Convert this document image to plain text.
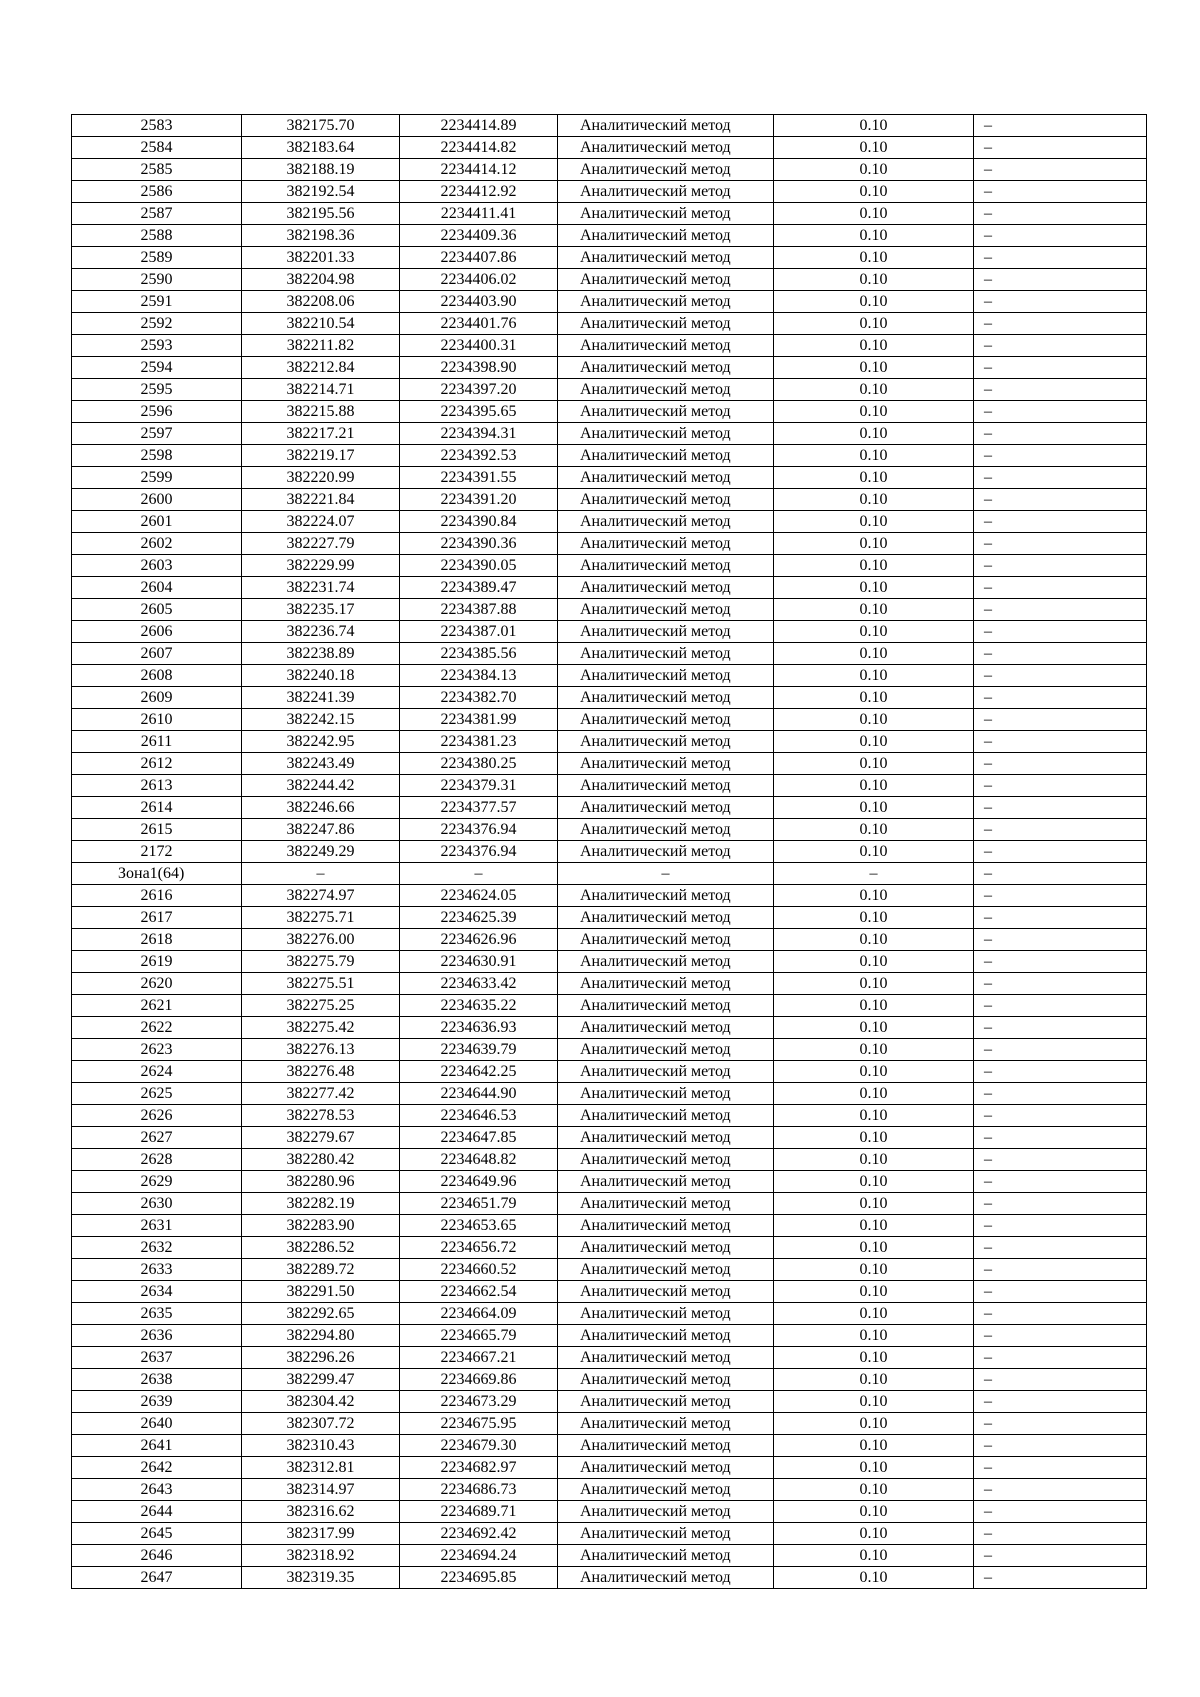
2583	382175.70	2234414.89	Аналитический метод	0.10	–
2584	382183.64	2234414.82	Аналитический метод	0.10	–
2585	382188.19	2234414.12	Аналитический метод	0.10	–
2586	382192.54	2234412.92	Аналитический метод	0.10	–
2587	382195.56	2234411.41	Аналитический метод	0.10	–
2588	382198.36	2234409.36	Аналитический метод	0.10	–
2589	382201.33	2234407.86	Аналитический метод	0.10	–
2590	382204.98	2234406.02	Аналитический метод	0.10	–
2591	382208.06	2234403.90	Аналитический метод	0.10	–
2592	382210.54	2234401.76	Аналитический метод	0.10	–
2593	382211.82	2234400.31	Аналитический метод	0.10	–
2594	382212.84	2234398.90	Аналитический метод	0.10	–
2595	382214.71	2234397.20	Аналитический метод	0.10	–
2596	382215.88	2234395.65	Аналитический метод	0.10	–
2597	382217.21	2234394.31	Аналитический метод	0.10	–
2598	382219.17	2234392.53	Аналитический метод	0.10	–
2599	382220.99	2234391.55	Аналитический метод	0.10	–
2600	382221.84	2234391.20	Аналитический метод	0.10	–
2601	382224.07	2234390.84	Аналитический метод	0.10	–
2602	382227.79	2234390.36	Аналитический метод	0.10	–
2603	382229.99	2234390.05	Аналитический метод	0.10	–
2604	382231.74	2234389.47	Аналитический метод	0.10	–
2605	382235.17	2234387.88	Аналитический метод	0.10	–
2606	382236.74	2234387.01	Аналитический метод	0.10	–
2607	382238.89	2234385.56	Аналитический метод	0.10	–
2608	382240.18	2234384.13	Аналитический метод	0.10	–
2609	382241.39	2234382.70	Аналитический метод	0.10	–
2610	382242.15	2234381.99	Аналитический метод	0.10	–
2611	382242.95	2234381.23	Аналитический метод	0.10	–
2612	382243.49	2234380.25	Аналитический метод	0.10	–
2613	382244.42	2234379.31	Аналитический метод	0.10	–
2614	382246.66	2234377.57	Аналитический метод	0.10	–
2615	382247.86	2234376.94	Аналитический метод	0.10	–
2172	382249.29	2234376.94	Аналитический метод	0.10	–
Зона1(64)	–	–	–	–	–
2616	382274.97	2234624.05	Аналитический метод	0.10	–
2617	382275.71	2234625.39	Аналитический метод	0.10	–
2618	382276.00	2234626.96	Аналитический метод	0.10	–
2619	382275.79	2234630.91	Аналитический метод	0.10	–
2620	382275.51	2234633.42	Аналитический метод	0.10	–
2621	382275.25	2234635.22	Аналитический метод	0.10	–
2622	382275.42	2234636.93	Аналитический метод	0.10	–
2623	382276.13	2234639.79	Аналитический метод	0.10	–
2624	382276.48	2234642.25	Аналитический метод	0.10	–
2625	382277.42	2234644.90	Аналитический метод	0.10	–
2626	382278.53	2234646.53	Аналитический метод	0.10	–
2627	382279.67	2234647.85	Аналитический метод	0.10	–
2628	382280.42	2234648.82	Аналитический метод	0.10	–
2629	382280.96	2234649.96	Аналитический метод	0.10	–
2630	382282.19	2234651.79	Аналитический метод	0.10	–
2631	382283.90	2234653.65	Аналитический метод	0.10	–
2632	382286.52	2234656.72	Аналитический метод	0.10	–
2633	382289.72	2234660.52	Аналитический метод	0.10	–
2634	382291.50	2234662.54	Аналитический метод	0.10	–
2635	382292.65	2234664.09	Аналитический метод	0.10	–
2636	382294.80	2234665.79	Аналитический метод	0.10	–
2637	382296.26	2234667.21	Аналитический метод	0.10	–
2638	382299.47	2234669.86	Аналитический метод	0.10	–
2639	382304.42	2234673.29	Аналитический метод	0.10	–
2640	382307.72	2234675.95	Аналитический метод	0.10	–
2641	382310.43	2234679.30	Аналитический метод	0.10	–
2642	382312.81	2234682.97	Аналитический метод	0.10	–
2643	382314.97	2234686.73	Аналитический метод	0.10	–
2644	382316.62	2234689.71	Аналитический метод	0.10	–
2645	382317.99	2234692.42	Аналитический метод	0.10	–
2646	382318.92	2234694.24	Аналитический метод	0.10	–
2647	382319.35	2234695.85	Аналитический метод	0.10	–
